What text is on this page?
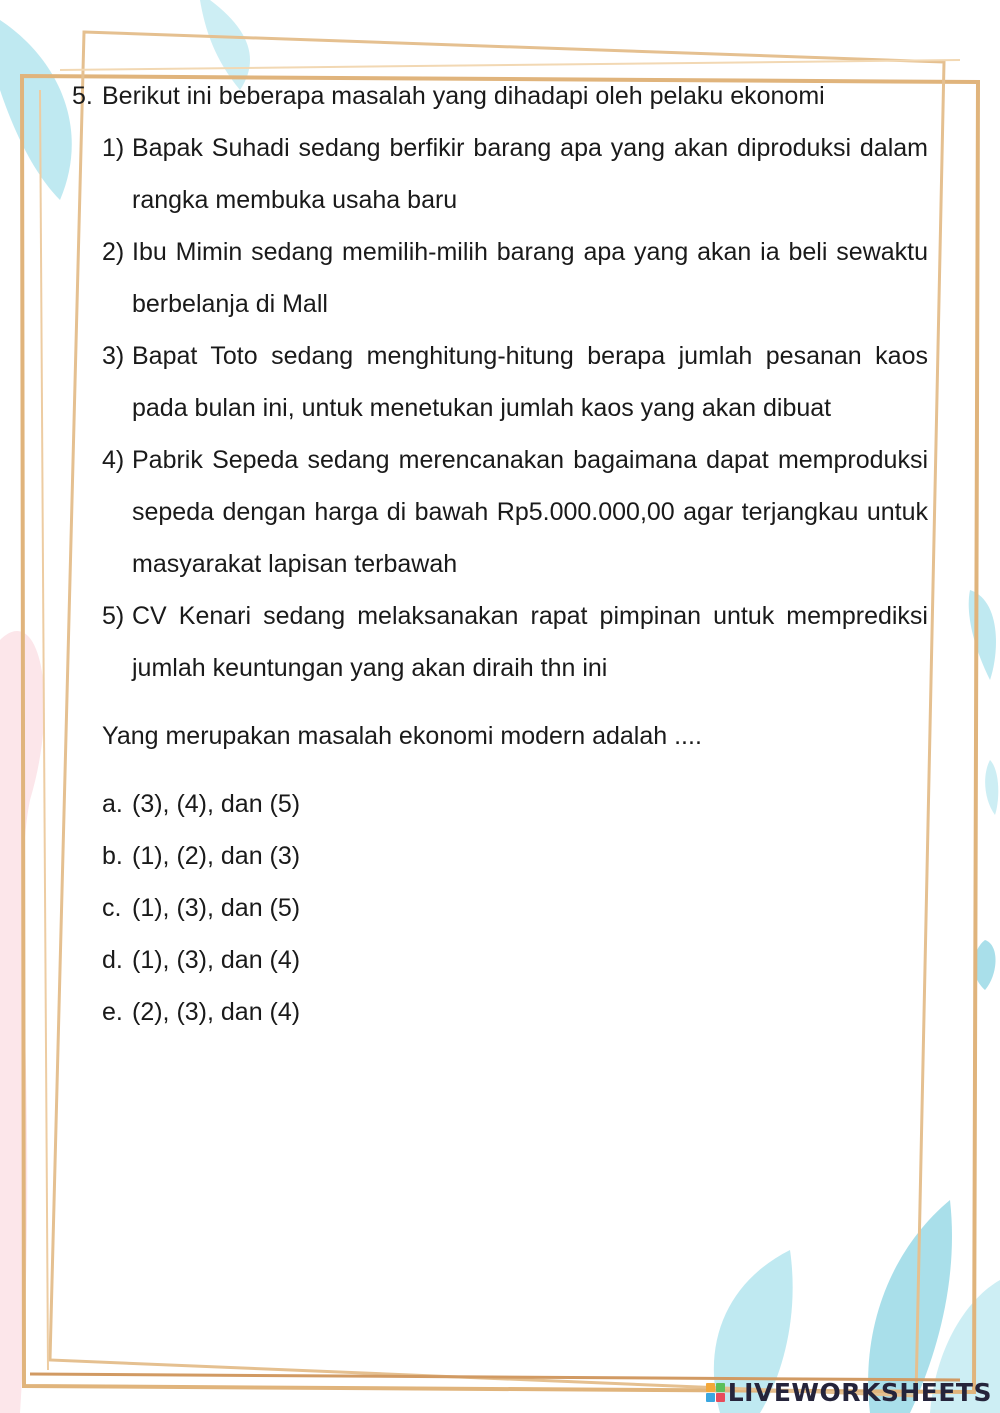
5. Berikut ini beberapa masalah yang dihadapi oleh pelaku ekonomi
1) Bapak Suhadi sedang berfikir barang apa yang akan diproduksi dalam rangka membuka usaha baru
2) Ibu Mimin sedang memilih-milih barang apa yang akan ia beli sewaktu berbelanja di Mall
3) Bapat Toto sedang menghitung-hitung berapa jumlah pesanan kaos pada bulan ini, untuk menetukan jumlah kaos yang akan dibuat
4) Pabrik Sepeda sedang merencanakan bagaimana dapat memproduksi sepeda dengan harga di bawah Rp5.000.000,00 agar terjangkau untuk masyarakat lapisan terbawah
5) CV Kenari sedang melaksanakan rapat pimpinan untuk memprediksi jumlah keuntungan yang akan diraih thn ini
Yang merupakan masalah ekonomi modern adalah ....
a. (3), (4), dan (5)
b. (1), (2), dan (3)
c. (1), (3), dan (5)
d. (1), (3), dan (4)
e. (2), (3), dan (4)
LIVEWORKSHEETS
